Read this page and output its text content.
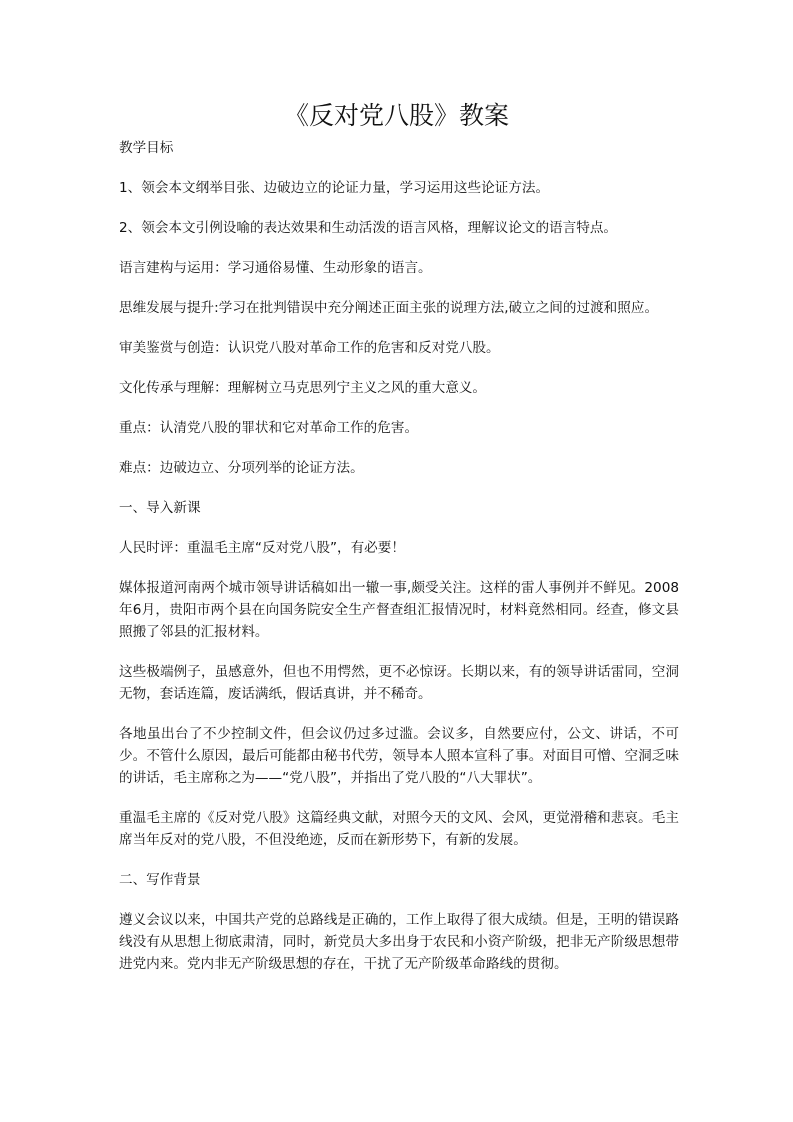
《反对党八股》教案

教学目标

1、领会本文纲举目张、边破边立的论证力量，学习运用这些论证方法。

2、领会本文引例设喻的表达效果和生动活泼的语言风格，理解议论文的语言特点。

语言建构与运用：学习通俗易懂、生动形象的语言。

思维发展与提升:学习在批判错误中充分阐述正面主张的说理方法,破立之间的过渡和照应。

审美鉴赏与创造：认识党八股对革命工作的危害和反对党八股。

文化传承与理解：理解树立马克思列宁主义之风的重大意义。

重点：认清党八股的罪状和它对革命工作的危害。

难点：边破边立、分项列举的论证方法。

一、导入新课

人民时评：重温毛主席“反对党八股”，有必要！

媒体报道河南两个城市领导讲话稿如出一辙一事,颇受关注。这样的雷人事例并不鲜见。2008年6月，贵阳市两个县在向国务院安全生产督查组汇报情况时，材料竟然相同。经查，修文县照搬了邻县的汇报材料。

这些极端例子，虽感意外，但也不用愕然，更不必惊讶。长期以来，有的领导讲话雷同，空洞无物，套话连篇，废话满纸，假话真讲，并不稀奇。

各地虽出台了不少控制文件，但会议仍过多过滥。会议多，自然要应付，公文、讲话，不可少。不管什么原因，最后可能都由秘书代劳，领导本人照本宣科了事。对面目可憎、空洞乏味的讲话，毛主席称之为——“党八股”，并指出了党八股的“八大罪状”。

重温毛主席的《反对党八股》这篇经典文献，对照今天的文风、会风，更觉滑稽和悲哀。毛主席当年反对的党八股，不但没绝迹，反而在新形势下，有新的发展。

二、写作背景

遵义会议以来，中国共产党的总路线是正确的，工作上取得了很大成绩。但是，王明的错误路线没有从思想上彻底肃清，同时，新党员大多出身于农民和小资产阶级，把非无产阶级思想带进党内来。党内非无产阶级思想的存在，干扰了无产阶级革命路线的贯彻。
